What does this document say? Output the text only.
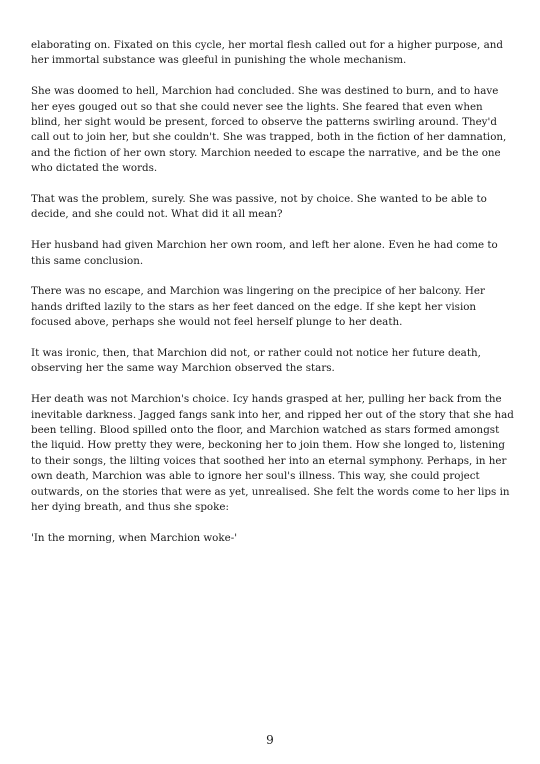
elaborating on. Fixated on this cycle, her mortal flesh called out for a higher purpose, and her immortal substance was gleeful in punishing the whole mechanism.

She was doomed to hell, Marchion had concluded. She was destined to burn, and to have her eyes gouged out so that she could never see the lights. She feared that even when blind, her sight would be present, forced to observe the patterns swirling around. They'd call out to join her, but she couldn't. She was trapped, both in the fiction of her damnation, and the fiction of her own story. Marchion needed to escape the narrative, and be the one who dictated the words.

That was the problem, surely. She was passive, not by choice. She wanted to be able to decide, and she could not. What did it all mean?

Her husband had given Marchion her own room, and left her alone. Even he had come to this same conclusion.

There was no escape, and Marchion was lingering on the precipice of her balcony. Her hands drifted lazily to the stars as her feet danced on the edge. If she kept her vision focused above, perhaps she would not feel herself plunge to her death.

It was ironic, then, that Marchion did not, or rather could not notice her future death, observing her the same way Marchion observed the stars.

Her death was not Marchion's choice. Icy hands grasped at her, pulling her back from the inevitable darkness. Jagged fangs sank into her, and ripped her out of the story that she had been telling. Blood spilled onto the floor, and Marchion watched as stars formed amongst the liquid. How pretty they were, beckoning her to join them. How she longed to, listening to their songs, the lilting voices that soothed her into an eternal symphony. Perhaps, in her own death, Marchion was able to ignore her soul's illness. This way, she could project outwards, on the stories that were as yet, unrealised. She felt the words come to her lips in her dying breath, and thus she spoke:

'In the morning, when Marchion woke-'

9
